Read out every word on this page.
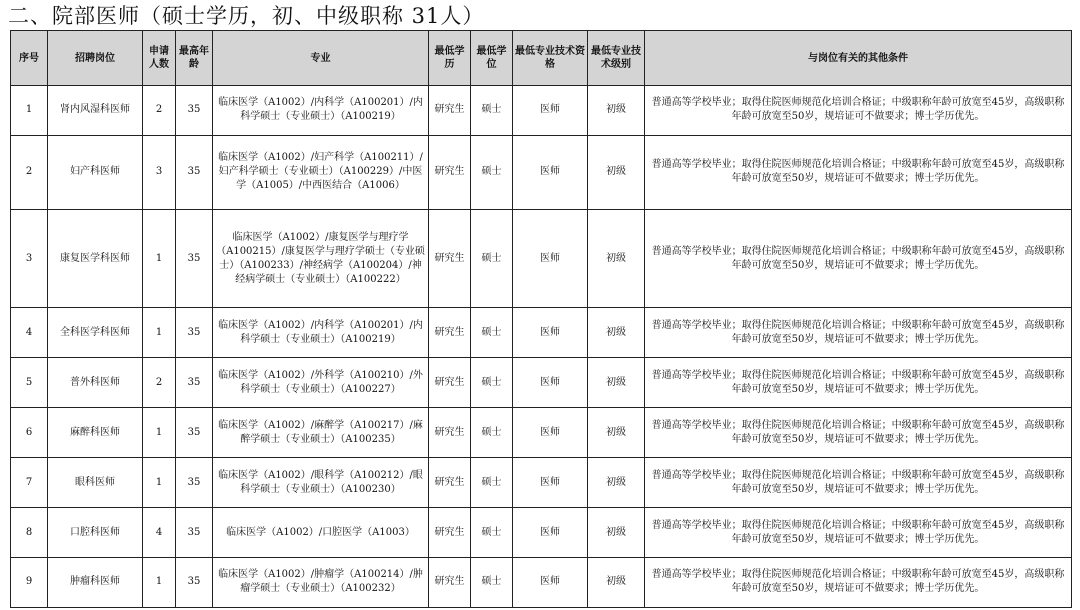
二、院部医师（硕士学历，初、中级职称 31人）
序号	招聘岗位	申请人数	最高年龄	专业	最低学历	最低学位	最低专业技术资格	最低专业技术级别	与岗位有关的其他条件
1	肾内风湿科医师	2	35	临床医学（A1002）/内科学（A100201）/内科学硕士（专业硕士）（A100219）	研究生	硕士	医师	初级	普通高等学校毕业；取得住院医师规范化培训合格证；中级职称年龄可放宽至45岁，高级职称年龄可放宽至50岁，规培证可不做要求；博士学历优先。
2	妇产科医师	3	35	临床医学（A1002）/妇产科学（A100211）/妇产科学硕士（专业硕士）（A100229）/中医学（A1005）/中西医结合（A1006）	研究生	硕士	医师	初级	普通高等学校毕业；取得住院医师规范化培训合格证；中级职称年龄可放宽至45岁，高级职称年龄可放宽至50岁，规培证可不做要求；博士学历优先。
3	康复医学科医师	1	35	临床医学（A1002）/康复医学与理疗学（A100215）/康复医学与理疗学硕士（专业硕士）（A100233）/神经病学（A100204）/神经病学硕士（专业硕士）（A100222）	研究生	硕士	医师	初级	普通高等学校毕业；取得住院医师规范化培训合格证；中级职称年龄可放宽至45岁，高级职称年龄可放宽至50岁，规培证可不做要求；博士学历优先。
4	全科医学科医师	1	35	临床医学（A1002）/内科学（A100201）/内科学硕士（专业硕士）（A100219）	研究生	硕士	医师	初级	普通高等学校毕业；取得住院医师规范化培训合格证；中级职称年龄可放宽至45岁，高级职称年龄可放宽至50岁，规培证可不做要求；博士学历优先。
5	普外科医师	2	35	临床医学（A1002）/外科学（A100210）/外科学硕士（专业硕士）（A100227）	研究生	硕士	医师	初级	普通高等学校毕业；取得住院医师规范化培训合格证；中级职称年龄可放宽至45岁，高级职称年龄可放宽至50岁，规培证可不做要求；博士学历优先。
6	麻醉科医师	1	35	临床医学（A1002）/麻醉学（A100217）/麻醉学硕士（专业硕士）（A100235）	研究生	硕士	医师	初级	普通高等学校毕业；取得住院医师规范化培训合格证；中级职称年龄可放宽至45岁，高级职称年龄可放宽至50岁，规培证可不做要求；博士学历优先。
7	眼科医师	1	35	临床医学（A1002）/眼科学（A100212）/眼科学硕士（专业硕士）（A100230）	研究生	硕士	医师	初级	普通高等学校毕业；取得住院医师规范化培训合格证；中级职称年龄可放宽至45岁，高级职称年龄可放宽至50岁，规培证可不做要求；博士学历优先。
8	口腔科医师	4	35	临床医学（A1002）/口腔医学（A1003）	研究生	硕士	医师	初级	普通高等学校毕业；取得住院医师规范化培训合格证；中级职称年龄可放宽至45岁，高级职称年龄可放宽至50岁，规培证可不做要求；博士学历优先。
9	肿瘤科医师	1	35	临床医学（A1002）/肿瘤学（A100214）/肿瘤学硕士（专业硕士）（A100232）	研究生	硕士	医师	初级	普通高等学校毕业；取得住院医师规范化培训合格证；中级职称年龄可放宽至45岁，高级职称年龄可放宽至50岁，规培证可不做要求；博士学历优先。
